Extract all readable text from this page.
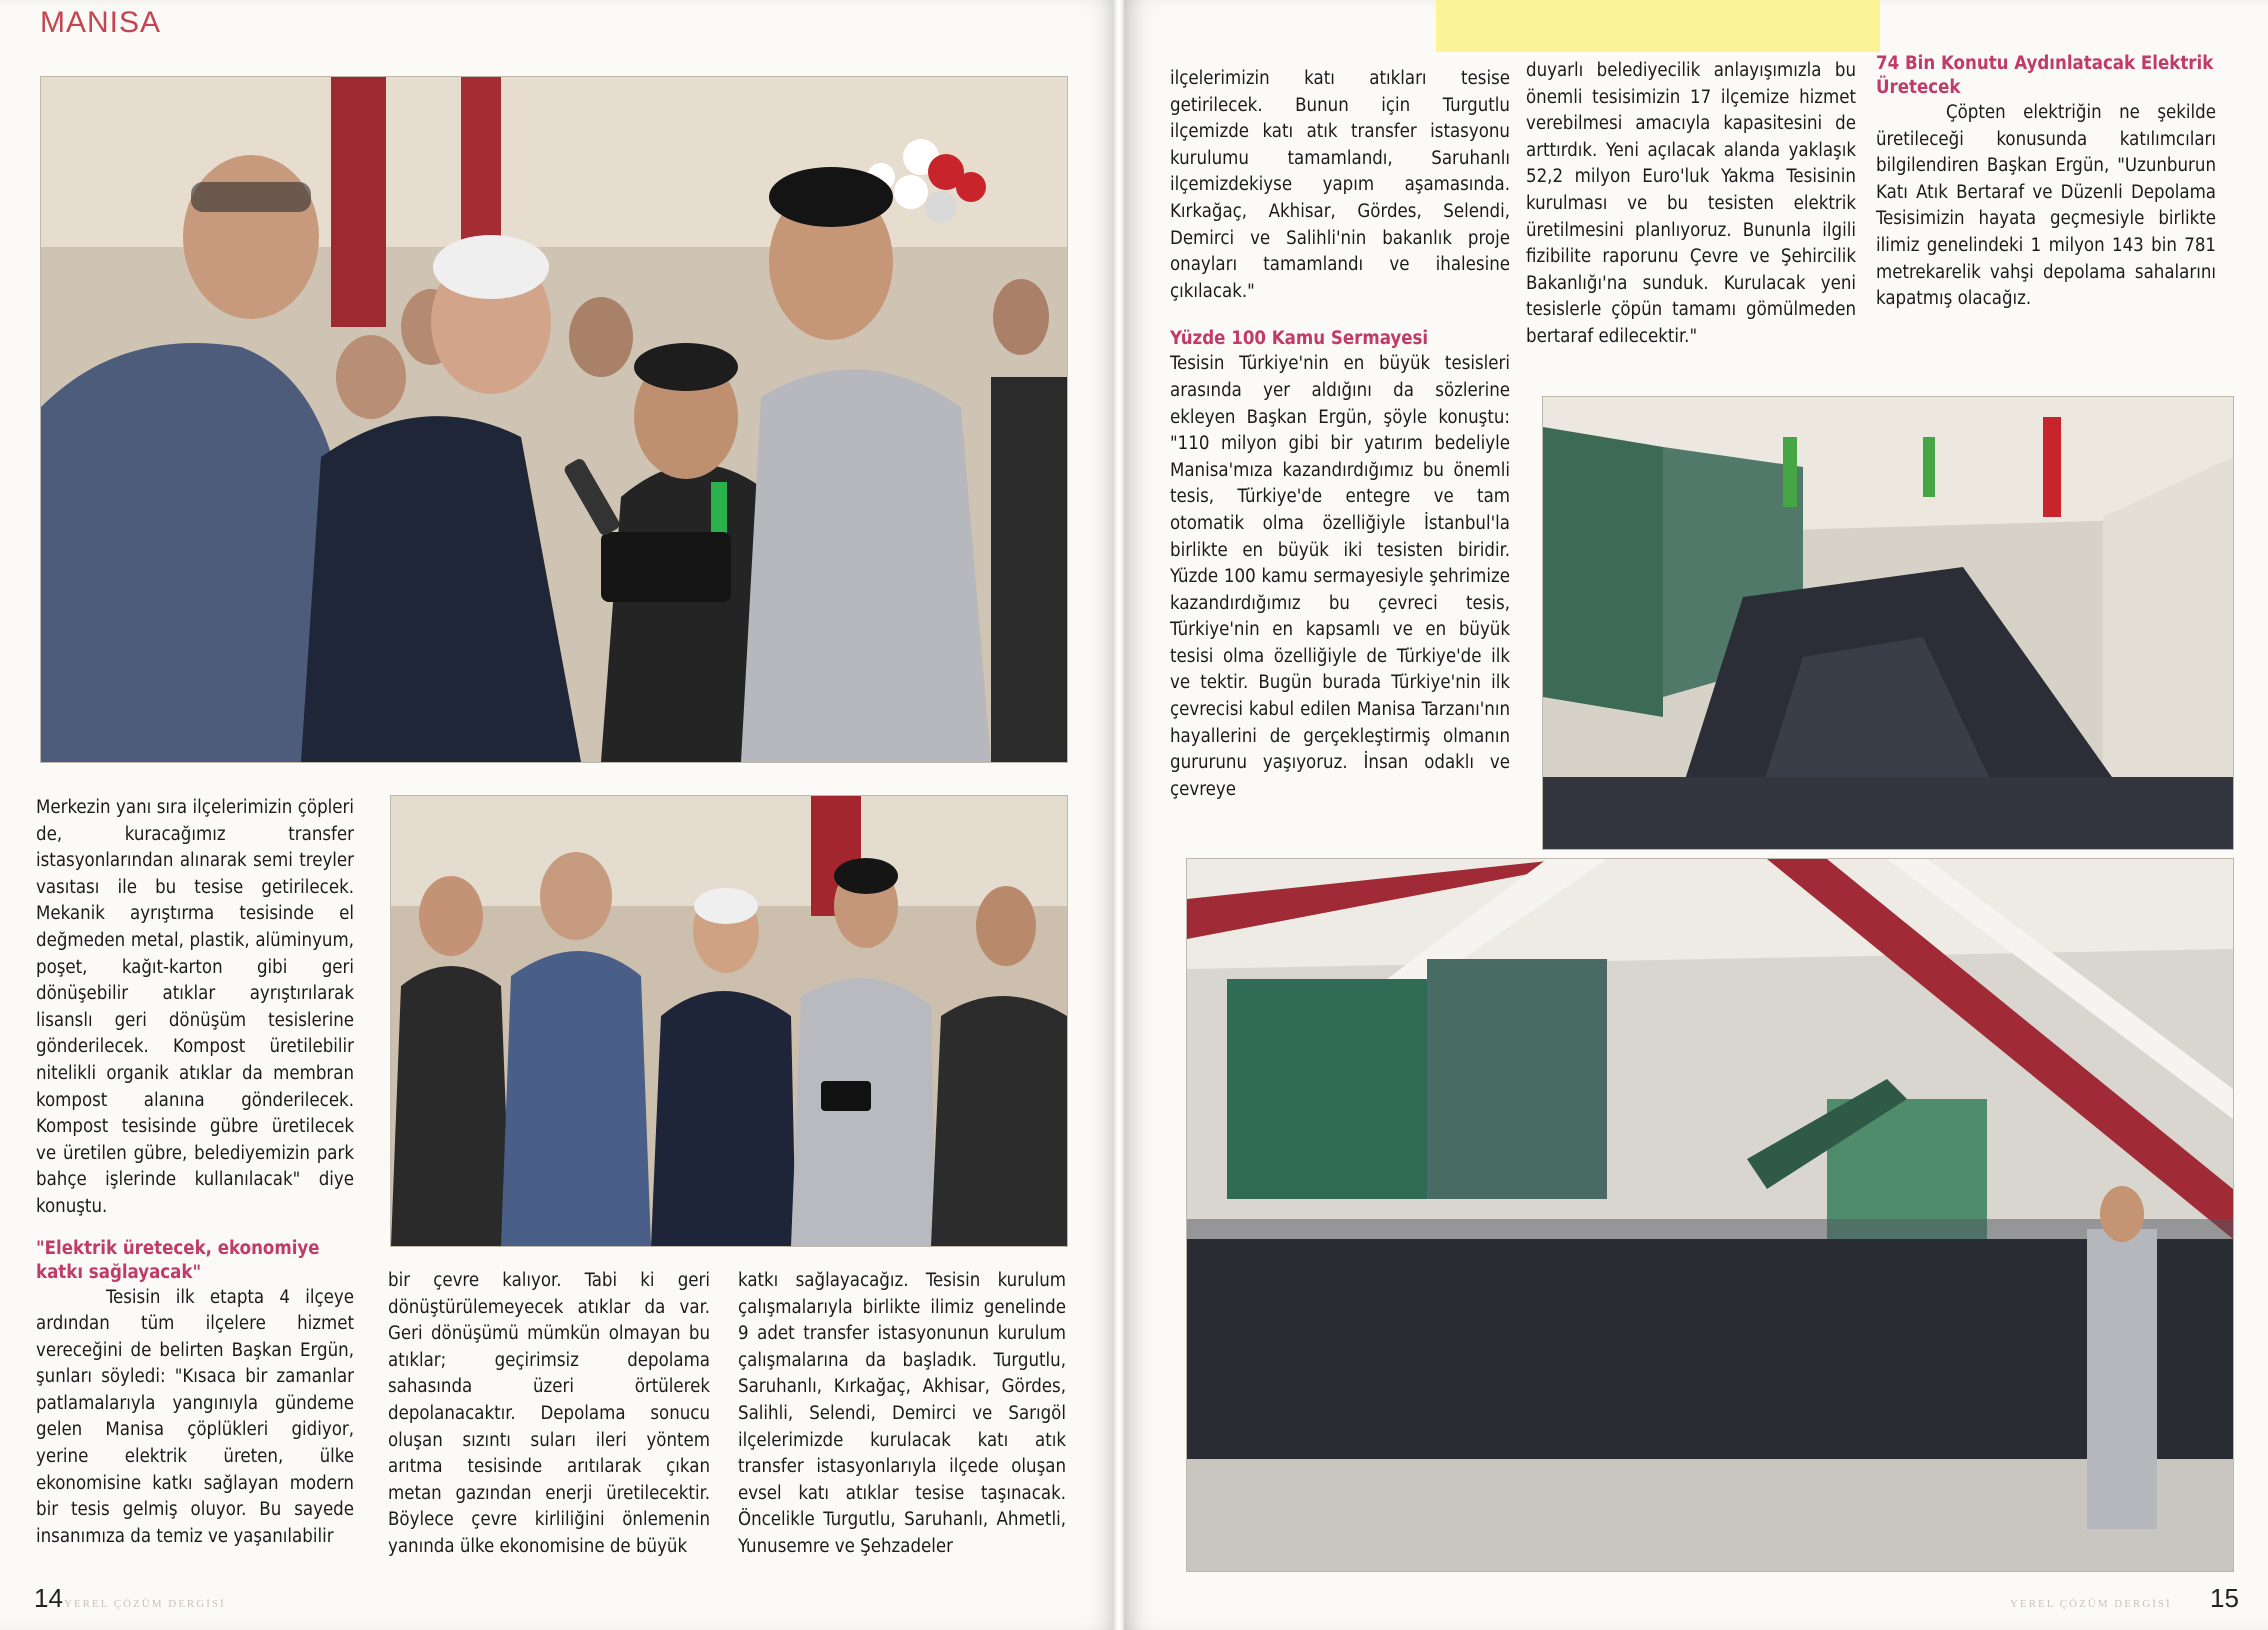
MANISA

Merkezin yanı sıra ilçelerimizin çöpleri de, kuracağımız transfer istasyonlarından alınarak semi treyler vasıtası ile bu tesise getirilecek. Mekanik ayrıştırma tesisinde el değmeden metal, plastik, alüminyum, poşet, kağıt-karton gibi geri dönüşebilir atıklar ayrıştırılarak lisanslı geri dönüşüm tesislerine gönderilecek. Kompost üretilebilir nitelikli organik atıklar da membran kompost alanına gönderilecek. Kompost tesisinde gübre üretilecek ve üretilen gübre, belediyemizin park bahçe işlerinde kullanılacak" diye konuştu.

"Elektrik üretecek, ekonomiye katkı sağlayacak"

Tesisin ilk etapta 4 ilçeye ardından tüm ilçelere hizmet vereceğini de belirten Başkan Ergün, şunları söyledi: "Kısaca bir zamanlar patlamalarıyla yangınıyla gündeme gelen Manisa çöplükleri gidiyor, yerine elektrik üreten, ülke ekonomisine katkı sağlayan modern bir tesis gelmiş oluyor. Bu sayede insanımıza da temiz ve yaşanılabilir

bir çevre kalıyor. Tabi ki geri dönüştürülemeyecek atıklar da var. Geri dönüşümü mümkün olmayan bu atıklar; geçirimsiz depolama sahasında üzeri örtülerek depolanacaktır. Depolama sonucu oluşan sızıntı suları ileri yöntem arıtma tesisinde arıtılarak çıkan metan gazından enerji üretilecektir. Böylece çevre kirliliğini önlemenin yanında ülke ekonomisine de büyük

katkı sağlayacağız. Tesisin kurulum çalışmalarıyla birlikte ilimiz genelinde 9 adet transfer istasyonunun kurulum çalışmalarına da başladık. Turgutlu, Saruhanlı, Kırkağaç, Akhisar, Gördes, Salihli, Selendi, Demirci ve Sarıgöl ilçelerimizde kurulacak katı atık transfer istasyonlarıyla ilçede oluşan evsel katı atıklar tesise taşınacak. Öncelikle Turgutlu, Saruhanlı, Ahmetli, Yunusemre ve Şehzadeler

14 YEREL ÇÖZÜM DERGİSİ

ilçelerimizin katı atıkları tesise getirilecek. Bunun için Turgutlu ilçemizde katı atık transfer istasyonu kurulumu tamamlandı, Saruhanlı ilçemizdekiyse yapım aşamasında. Kırkağaç, Akhisar, Gördes, Selendi, Demirci ve Salihli'nin bakanlık proje onayları tamamlandı ve ihalesine çıkılacak."

Yüzde 100 Kamu Sermayesi

Tesisin Türkiye'nin en büyük tesisleri arasında yer aldığını da sözlerine ekleyen Başkan Ergün, şöyle konuştu: "110 milyon gibi bir yatırım bedeliyle Manisa'mıza kazandırdığımız bu önemli tesis, Türkiye'de entegre ve tam otomatik olma özelliğiyle İstanbul'la birlikte en büyük iki tesisten biridir. Yüzde 100 kamu sermayesiyle şehrimize kazandırdığımız bu çevreci tesis, Türkiye'nin en kapsamlı ve en büyük tesisi olma özelliğiyle de Türkiye'de ilk ve tektir. Bugün burada Türkiye'nin ilk çevrecisi kabul edilen Manisa Tarzanı'nın hayallerini de gerçekleştirmiş olmanın gururunu yaşıyoruz. İnsan odaklı ve çevreye

duyarlı belediyecilik anlayışımızla bu önemli tesisimizin 17 ilçemize hizmet verebilmesi amacıyla kapasitesini de arttırdık. Yeni açılacak alanda yaklaşık 52,2 milyon Euro'luk Yakma Tesisinin kurulması ve bu tesisten elektrik üretilmesini planlıyoruz. Bununla ilgili fizibilite raporunu Çevre ve Şehircilik Bakanlığı'na sunduk. Kurulacak yeni tesislerle çöpün tamamı gömülmeden bertaraf edilecektir."

74 Bin Konutu Aydınlatacak Elektrik Üretecek

Çöpten elektriğin ne şekilde üretileceği konusunda katılımcıları bilgilendiren Başkan Ergün, "Uzunburun Katı Atık Bertaraf ve Düzenli Depolama Tesisimizin hayata geçmesiyle birlikte ilimiz genelindeki 1 milyon 143 bin 781 metrekarelik vahşi depolama sahalarını kapatmış olacağız.

YEREL ÇÖZÜM DERGİSİ 15
